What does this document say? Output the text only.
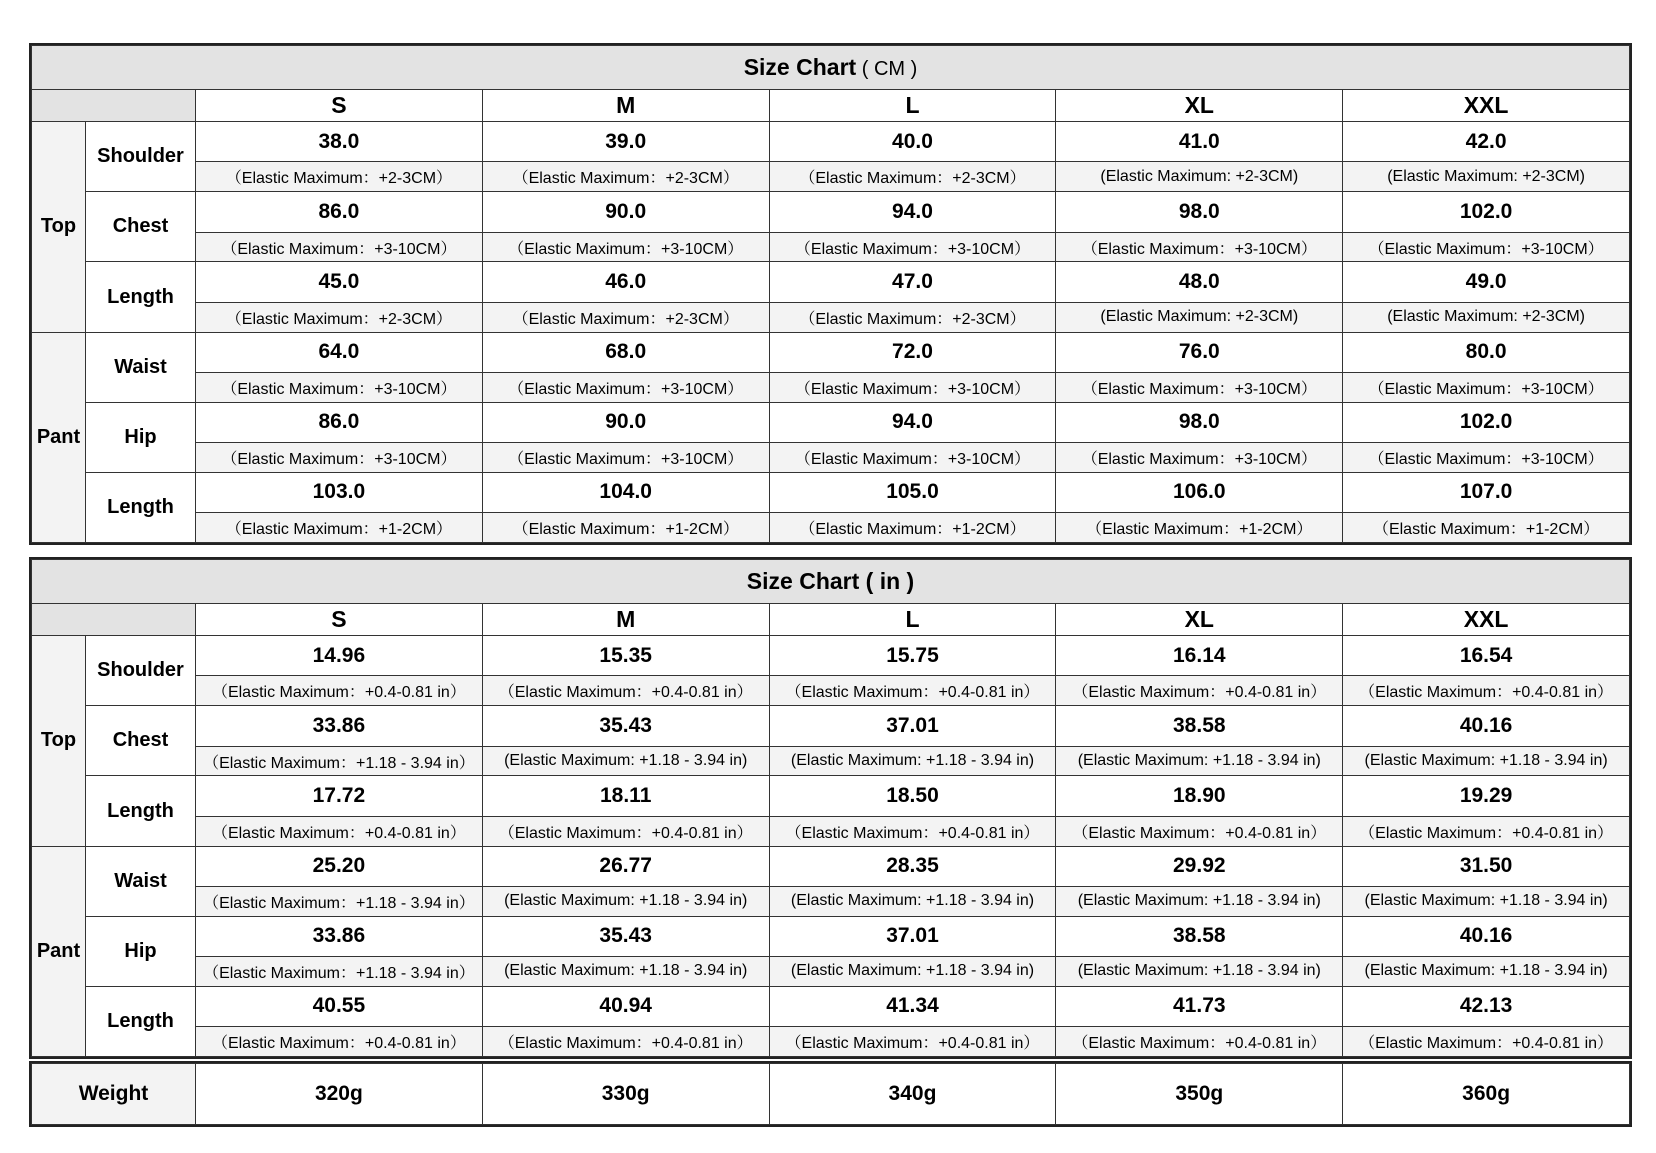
Size Chart ( CM )						
		S	M	L	XL	XXL
Top	Shoulder	38.0	39.0	40.0	41.0	42.0
		（Elastic Maximum：+2-3CM）	（Elastic Maximum：+2-3CM）	（Elastic Maximum：+2-3CM）	(Elastic Maximum: +2-3CM)	(Elastic Maximum: +2-3CM)
	Chest	86.0	90.0	94.0	98.0	102.0
		（Elastic Maximum：+3-10CM）	（Elastic Maximum：+3-10CM）	（Elastic Maximum：+3-10CM）	（Elastic Maximum：+3-10CM）	（Elastic Maximum：+3-10CM）
	Length	45.0	46.0	47.0	48.0	49.0
		（Elastic Maximum：+2-3CM）	（Elastic Maximum：+2-3CM）	（Elastic Maximum：+2-3CM）	(Elastic Maximum: +2-3CM)	(Elastic Maximum: +2-3CM)
Pant	Waist	64.0	68.0	72.0	76.0	80.0
		（Elastic Maximum：+3-10CM）	（Elastic Maximum：+3-10CM）	（Elastic Maximum：+3-10CM）	（Elastic Maximum：+3-10CM）	（Elastic Maximum：+3-10CM）
	Hip	86.0	90.0	94.0	98.0	102.0
		（Elastic Maximum：+3-10CM）	（Elastic Maximum：+3-10CM）	（Elastic Maximum：+3-10CM）	（Elastic Maximum：+3-10CM）	（Elastic Maximum：+3-10CM）
	Length	103.0	104.0	105.0	106.0	107.0
		（Elastic Maximum：+1-2CM）	（Elastic Maximum：+1-2CM）	（Elastic Maximum：+1-2CM）	（Elastic Maximum：+1-2CM）	（Elastic Maximum：+1-2CM）
Size Chart ( in )						
		S	M	L	XL	XXL
Top	Shoulder	14.96	15.35	15.75	16.14	16.54
		（Elastic Maximum：+0.4-0.81 in）	（Elastic Maximum：+0.4-0.81 in）	（Elastic Maximum：+0.4-0.81 in）	（Elastic Maximum：+0.4-0.81 in）	（Elastic Maximum：+0.4-0.81 in）
	Chest	33.86	35.43	37.01	38.58	40.16
		（Elastic Maximum：+1.18 - 3.94 in）	(Elastic Maximum: +1.18 - 3.94 in)	(Elastic Maximum: +1.18 - 3.94 in)	(Elastic Maximum: +1.18 - 3.94 in)	(Elastic Maximum: +1.18 - 3.94 in)
	Length	17.72	18.11	18.50	18.90	19.29
		（Elastic Maximum：+0.4-0.81 in）	（Elastic Maximum：+0.4-0.81 in）	（Elastic Maximum：+0.4-0.81 in）	（Elastic Maximum：+0.4-0.81 in）	（Elastic Maximum：+0.4-0.81 in）
Pant	Waist	25.20	26.77	28.35	29.92	31.50
		（Elastic Maximum：+1.18 - 3.94 in）	(Elastic Maximum: +1.18 - 3.94 in)	(Elastic Maximum: +1.18 - 3.94 in)	(Elastic Maximum: +1.18 - 3.94 in)	(Elastic Maximum: +1.18 - 3.94 in)
	Hip	33.86	35.43	37.01	38.58	40.16
		（Elastic Maximum：+1.18 - 3.94 in）	(Elastic Maximum: +1.18 - 3.94 in)	(Elastic Maximum: +1.18 - 3.94 in)	(Elastic Maximum: +1.18 - 3.94 in)	(Elastic Maximum: +1.18 - 3.94 in)
	Length	40.55	40.94	41.34	41.73	42.13
		（Elastic Maximum：+0.4-0.81 in）	（Elastic Maximum：+0.4-0.81 in）	（Elastic Maximum：+0.4-0.81 in）	（Elastic Maximum：+0.4-0.81 in）	（Elastic Maximum：+0.4-0.81 in）
Weight	320g	330g	340g	350g	360g
